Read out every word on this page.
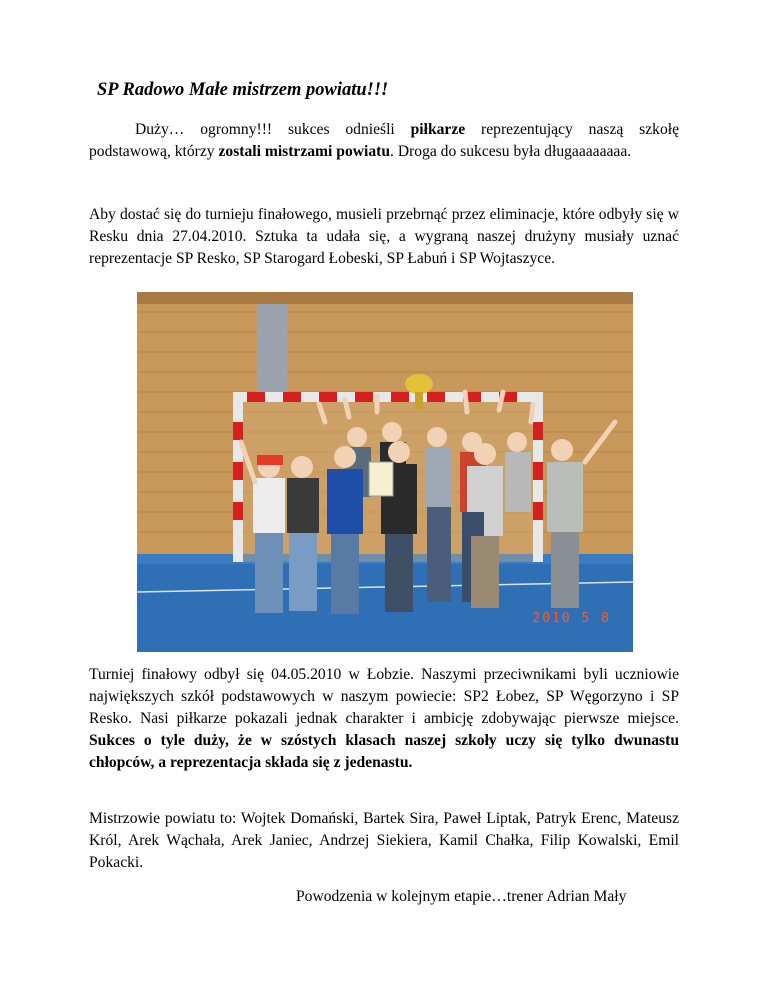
SP Radowo Małe mistrzem powiatu!!!

Duży… ogromny!!! sukces odnieśli piłkarze reprezentujący naszą szkołę podstawową, którzy zostali mistrzami powiatu. Droga do sukcesu była długaaaaaaaa.

Aby dostać się do turnieju finałowego, musieli przebrnąć przez eliminacje, które odbyły się w Resku dnia 27.04.2010. Sztuka ta udała się, a wygraną naszej drużyny musiały uznać reprezentacje SP Resko, SP Starogard Łobeski, SP Łabuń i SP Wojtaszyce.

2010 5 8

Turniej finałowy odbył się 04.05.2010 w Łobzie. Naszymi przeciwnikami byli uczniowie największych szkół podstawowych w naszym powiecie: SP2 Łobez, SP Węgorzyno i SP Resko. Nasi piłkarze pokazali jednak charakter i ambicję zdobywając pierwsze miejsce. Sukces o tyle duży, że w szóstych klasach naszej szkoły uczy się tylko dwunastu chłopców, a reprezentacja składa się z jedenastu.

Mistrzowie powiatu to: Wojtek Domański, Bartek Sira, Paweł Liptak, Patryk Erenc, Mateusz Król, Arek Wąchała, Arek Janiec, Andrzej Siekiera, Kamil Chałka, Filip Kowalski, Emil Pokacki.

Powodzenia w kolejnym etapie…trener Adrian Mały
